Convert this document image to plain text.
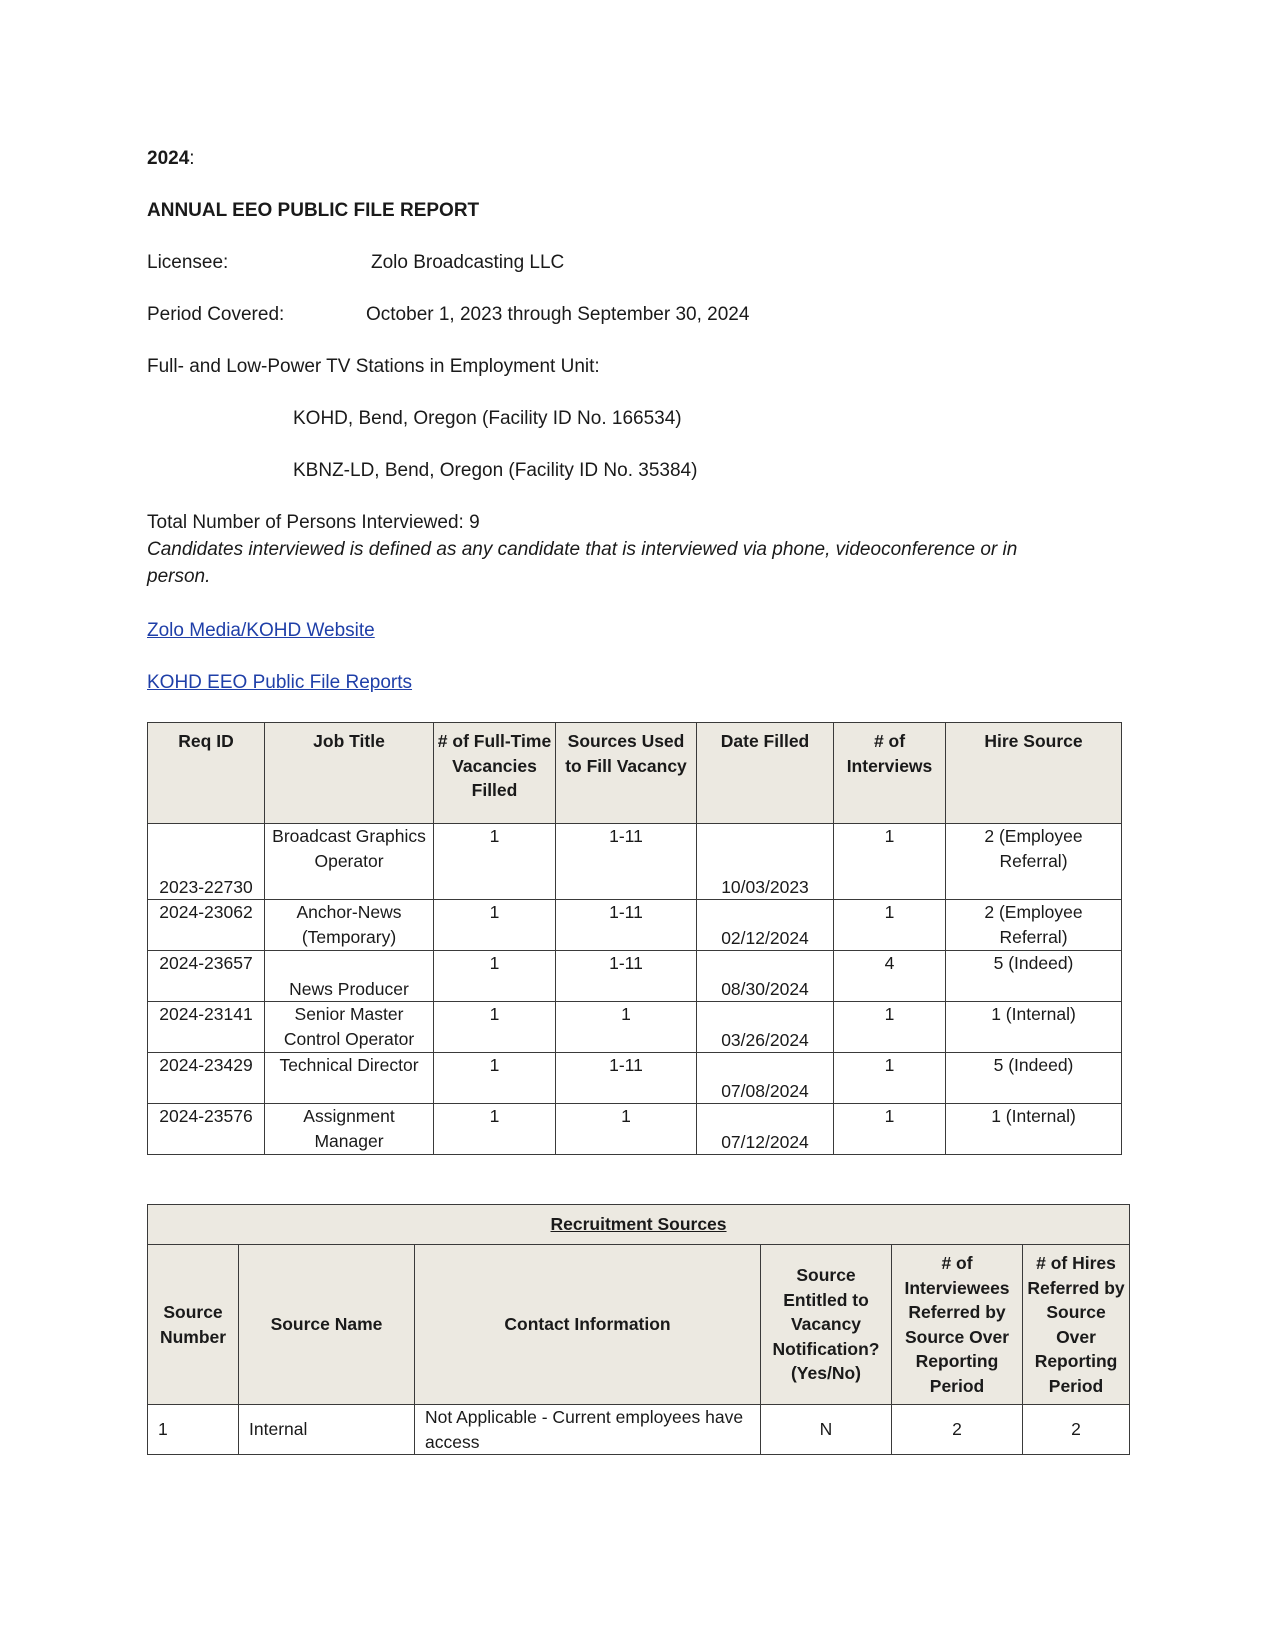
2024:
ANNUAL EEO PUBLIC FILE REPORT
Licensee:	Zolo Broadcasting LLC
Period Covered:	October 1, 2023 through September 30, 2024
Full- and Low-Power TV Stations in Employment Unit:
KOHD, Bend, Oregon (Facility ID No. 166534)
KBNZ-LD, Bend, Oregon (Facility ID No. 35384)
Total Number of Persons Interviewed: 9
Candidates interviewed is defined as any candidate that is interviewed via phone, videoconference or in
person.
Zolo Media/KOHD Website
KOHD EEO Public File Reports
Req ID	Job Title	# of Full-Time Vacancies Filled	Sources Used to Fill Vacancy	Date Filled	# of Interviews	Hire Source
2023-22730	Broadcast Graphics Operator	1	1-11	10/03/2023	1	2 (Employee Referral)
2024-23062	Anchor-News (Temporary)	1	1-11	02/12/2024	1	2 (Employee Referral)
2024-23657	News Producer	1	1-11	08/30/2024	4	5 (Indeed)
2024-23141	Senior Master Control Operator	1	1	03/26/2024	1	1 (Internal)
2024-23429	Technical Director	1	1-11	07/08/2024	1	5 (Indeed)
2024-23576	Assignment Manager	1	1	07/12/2024	1	1 (Internal)
Recruitment Sources					
Source Number	Source Name	Contact Information	Source Entitled to Vacancy Notification? (Yes/No)	# of Interviewees Referred by Source Over Reporting Period	# of Hires Referred by Source Over Reporting Period
1	Internal	Not Applicable - Current employees have access	N	2	2
